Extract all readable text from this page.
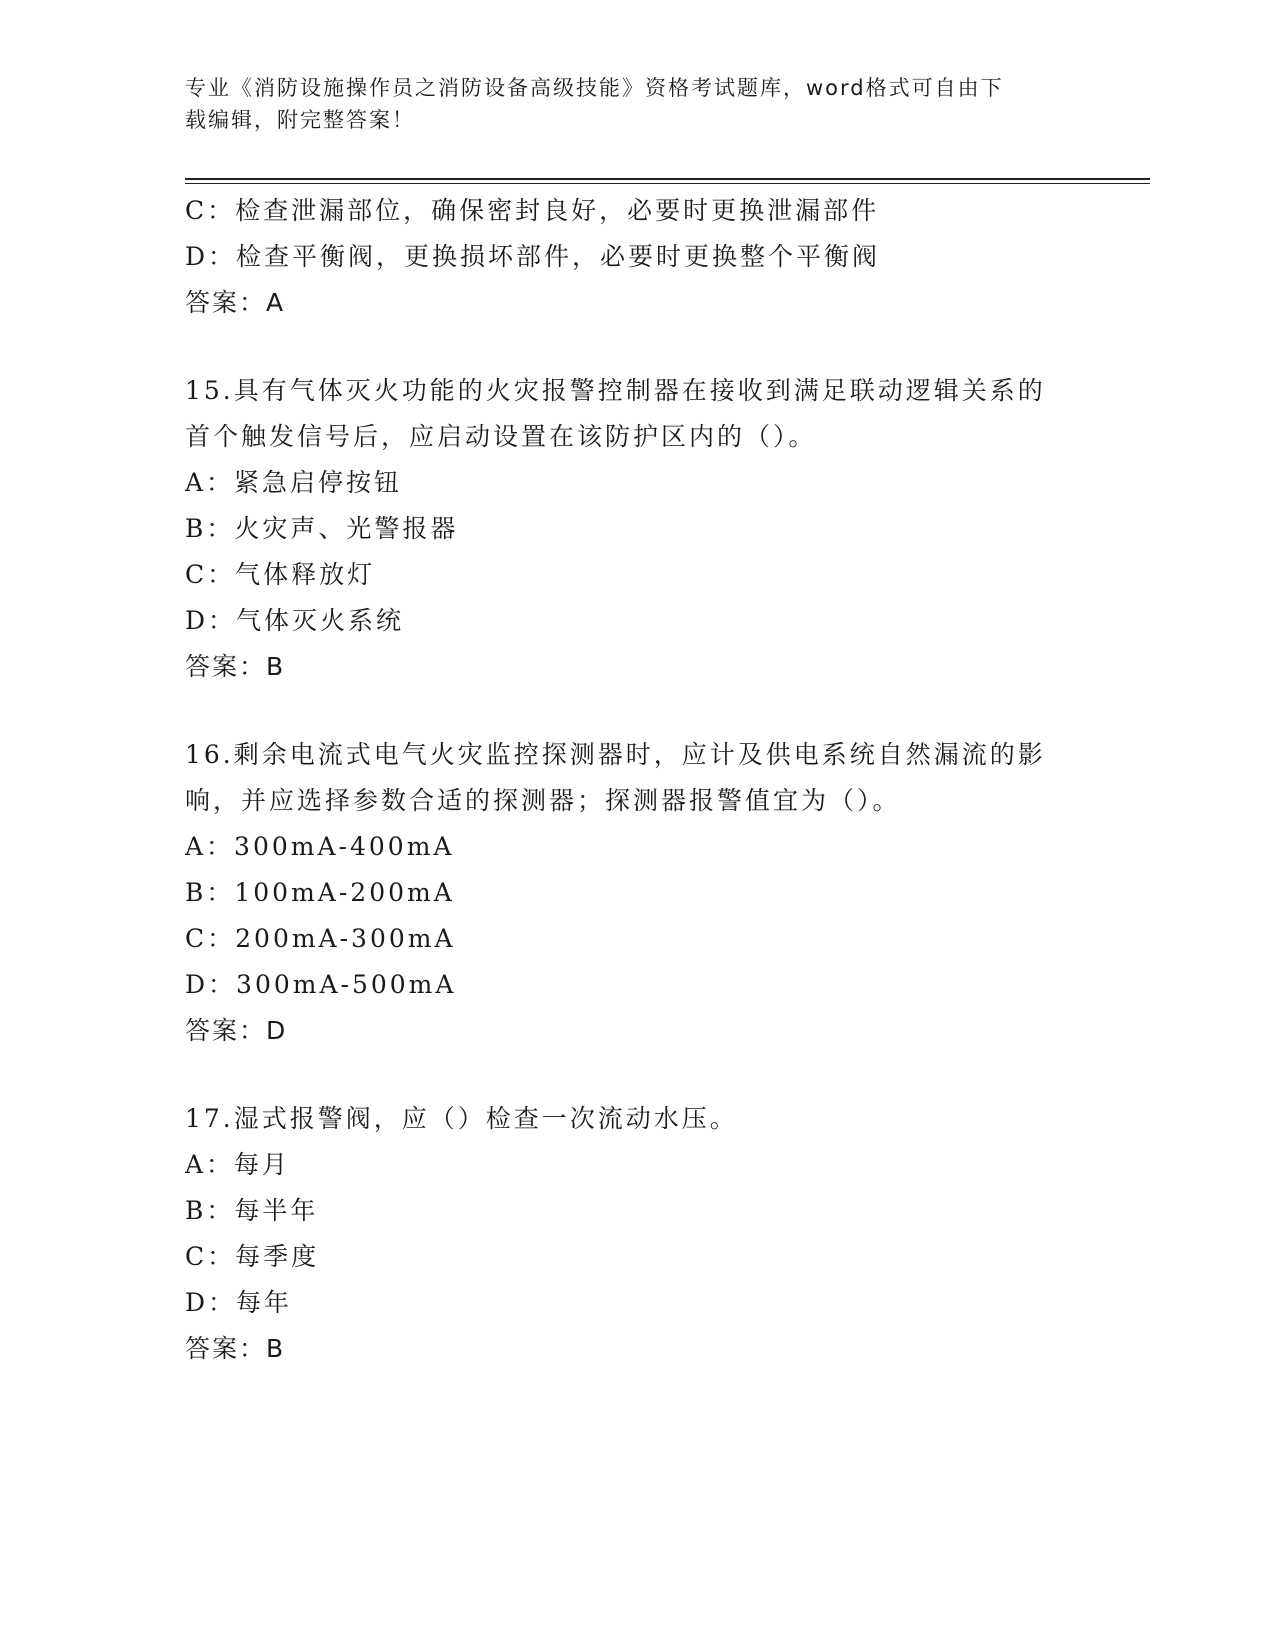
专业《消防设施操作员之消防设备高级技能》资格考试题库，word格式可自由下
载编辑，附完整答案！
C：检查泄漏部位，确保密封良好，必要时更换泄漏部件
D：检查平衡阀，更换损坏部件，必要时更换整个平衡阀
答案：A
15.具有气体灭火功能的火灾报警控制器在接收到满足联动逻辑关系的
首个触发信号后，应启动设置在该防护区内的（）。
A：紧急启停按钮
B：火灾声、光警报器
C：气体释放灯
D：气体灭火系统
答案：B
16.剩余电流式电气火灾监控探测器时，应计及供电系统自然漏流的影
响，并应选择参数合适的探测器；探测器报警值宜为（）。
A：300mA-400mA
B：100mA-200mA
C：200mA-300mA
D：300mA-500mA
答案：D
17.湿式报警阀，应（）检查一次流动水压。
A：每月
B：每半年
C：每季度
D：每年
答案：B
